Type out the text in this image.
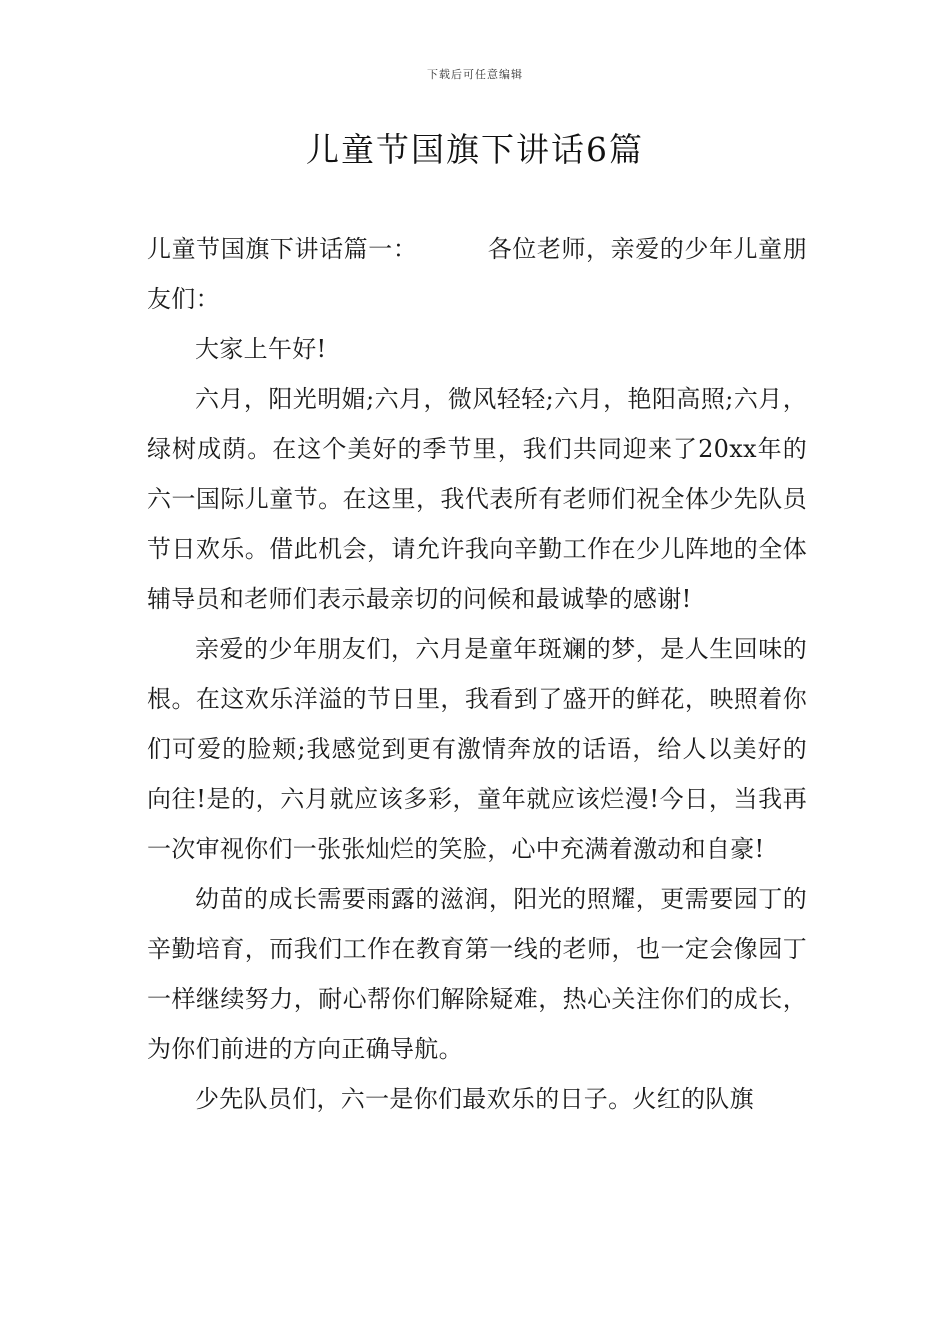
下载后可任意编辑
儿童节国旗下讲话6篇

儿童节国旗下讲话篇一：	各位老师，亲爱的少年儿童朋友们：

大家上午好!

六月，阳光明媚;六月，微风轻轻;六月，艳阳高照;六月，绿树成荫。在这个美好的季节里，我们共同迎来了20xx年的六一国际儿童节。在这里，我代表所有老师们祝全体少先队员节日欢乐。借此机会，请允许我向辛勤工作在少儿阵地的全体辅导员和老师们表示最亲切的问候和最诚挚的感谢!

亲爱的少年朋友们，六月是童年斑斓的梦，是人生回味的根。在这欢乐洋溢的节日里，我看到了盛开的鲜花，映照着你们可爱的脸颊;我感觉到更有激情奔放的话语，给人以美好的向往!是的，六月就应该多彩，童年就应该烂漫!今日，当我再一次审视你们一张张灿烂的笑脸，心中充满着激动和自豪!

幼苗的成长需要雨露的滋润，阳光的照耀，更需要园丁的辛勤培育，而我们工作在教育第一线的老师，也一定会像园丁一样继续努力，耐心帮你们解除疑难，热心关注你们的成长，为你们前进的方向正确导航。

少先队员们，六一是你们最欢乐的日子。火红的队旗
